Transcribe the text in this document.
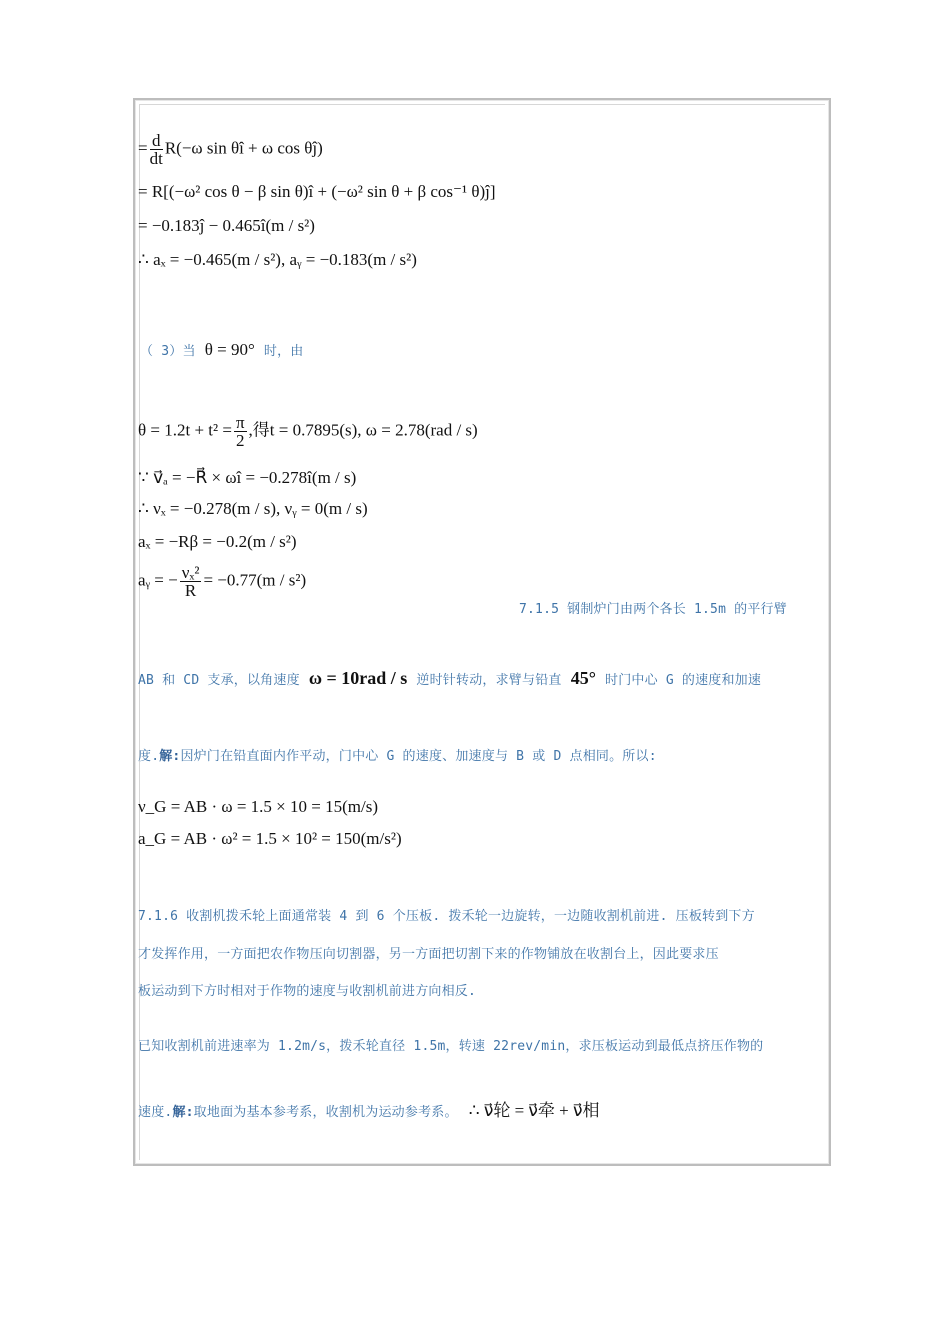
= $\frac{d}{dt} R(-\omega$ sin θî + ω cos θĵ)
= R[(−ω² cos θ − β sin θ)î + (−ω² sin θ + β cos⁻¹ θ)ĵ]
= −0.183ĵ − 0.465î(m / s²)
∴ aₓ = −0.465(m / s²), aᵧ = −0.183(m / s²)
（ 3）当 θ = 90° 时，由
$\theta = 1.2t + t^2 = \frac{\pi}{2}$ ,得t = 0.7895(s), ω = 2.78(rad / s)
∵ v⃗ₐ = −R⃗ × ωî = −0.278î(m / s)
∴ νₓ = −0.278(m / s), νᵧ = 0(m / s)
aₓ = −Rβ = −0.2(m / s²)
aᵧ = − $\frac{\text{νₓ²}}{R} = -0.77(m / s^2)$
7.1.5 钢制炉门由两个各长 1.5m 的平行臂
AB 和 CD 支承，以角速度 ω = 10rad / s 逆时针转动，求臂与铅直 45° 时门中心 G 的速度和加速
度.解:因炉门在铅直面内作平动，门中心 G 的速度、加速度与 B 或 D 点相同。所以:
ν_G = AB · ω = 1.5 × 10 = 15(m/s)
a_G = AB · ω² = 1.5 × 10² = 150(m/s²)
7.1.6 收割机拨禾轮上面通常装 4 到 6 个压板. 拨禾轮一边旋转，一边随收割机前进. 压板转到下方
才发挥作用，一方面把农作物压向切割器，另一方面把切割下来的作物铺放在收割台上，因此要求压
板运动到下方时相对于作物的速度与收割机前进方向相反.
已知收割机前进速率为 1.2m/s，拨禾轮直径 1.5m，转速 22rev/min，求压板运动到最低点挤压作物的
速度.解:取地面为基本参考系，收割机为运动参考系。 ∴ ν⃗轮 = ν⃗牵 + ν⃗相
